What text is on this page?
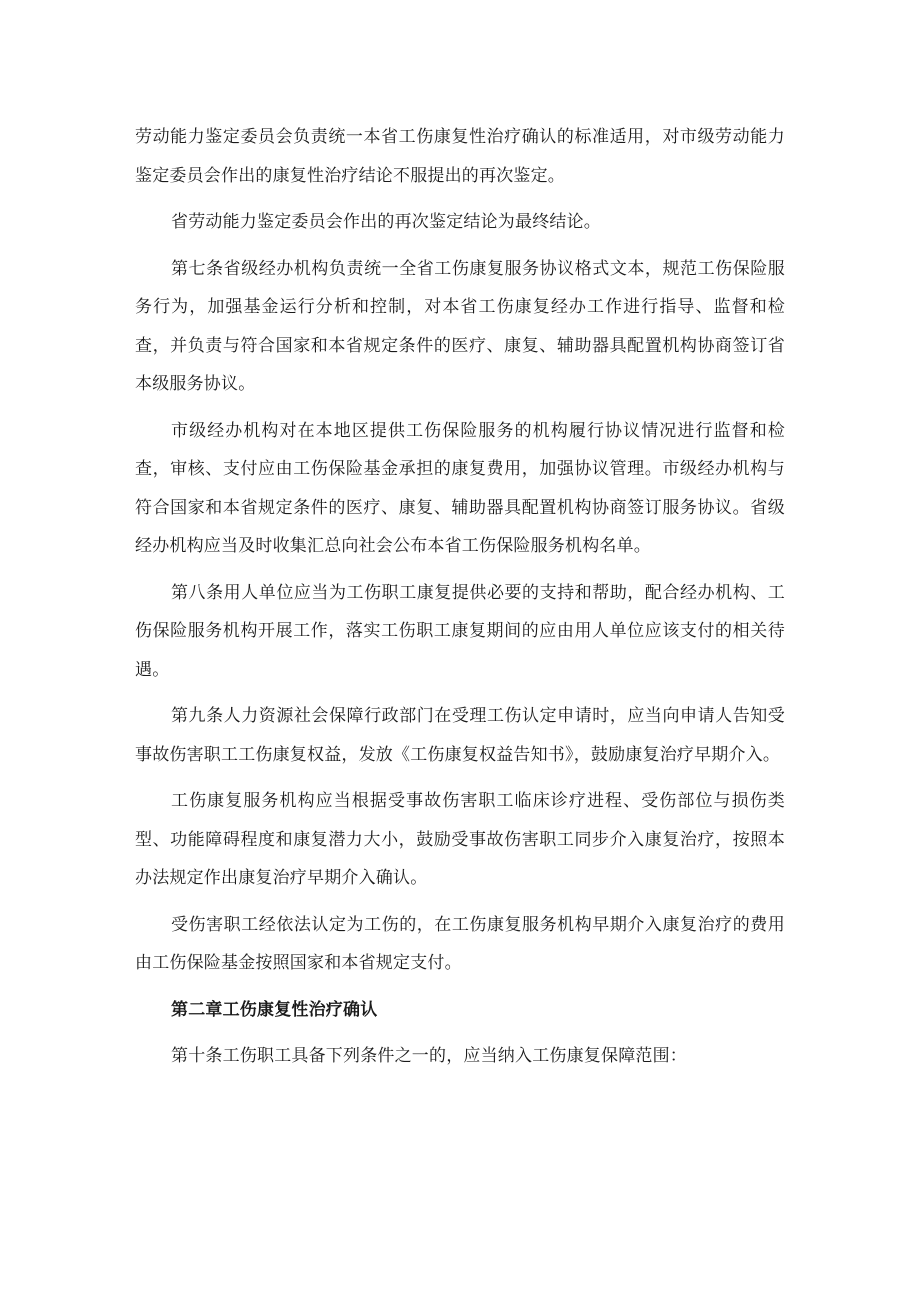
劳动能力鉴定委员会负责统一本省工伤康复性治疗确认的标准适用，对市级劳动能力鉴定委员会作出的康复性治疗结论不服提出的再次鉴定。

省劳动能力鉴定委员会作出的再次鉴定结论为最终结论。

第七条省级经办机构负责统一全省工伤康复服务协议格式文本，规范工伤保险服务行为，加强基金运行分析和控制，对本省工伤康复经办工作进行指导、监督和检查，并负责与符合国家和本省规定条件的医疗、康复、辅助器具配置机构协商签订省本级服务协议。

市级经办机构对在本地区提供工伤保险服务的机构履行协议情况进行监督和检查，审核、支付应由工伤保险基金承担的康复费用，加强协议管理。市级经办机构与符合国家和本省规定条件的医疗、康复、辅助器具配置机构协商签订服务协议。省级经办机构应当及时收集汇总向社会公布本省工伤保险服务机构名单。

第八条用人单位应当为工伤职工康复提供必要的支持和帮助，配合经办机构、工伤保险服务机构开展工作，落实工伤职工康复期间的应由用人单位应该支付的相关待遇。

第九条人力资源社会保障行政部门在受理工伤认定申请时，应当向申请人告知受事故伤害职工工伤康复权益，发放《工伤康复权益告知书》，鼓励康复治疗早期介入。

工伤康复服务机构应当根据受事故伤害职工临床诊疗进程、受伤部位与损伤类型、功能障碍程度和康复潜力大小，鼓励受事故伤害职工同步介入康复治疗，按照本办法规定作出康复治疗早期介入确认。

受伤害职工经依法认定为工伤的，在工伤康复服务机构早期介入康复治疗的费用由工伤保险基金按照国家和本省规定支付。

第二章工伤康复性治疗确认

第十条工伤职工具备下列条件之一的，应当纳入工伤康复保障范围：
